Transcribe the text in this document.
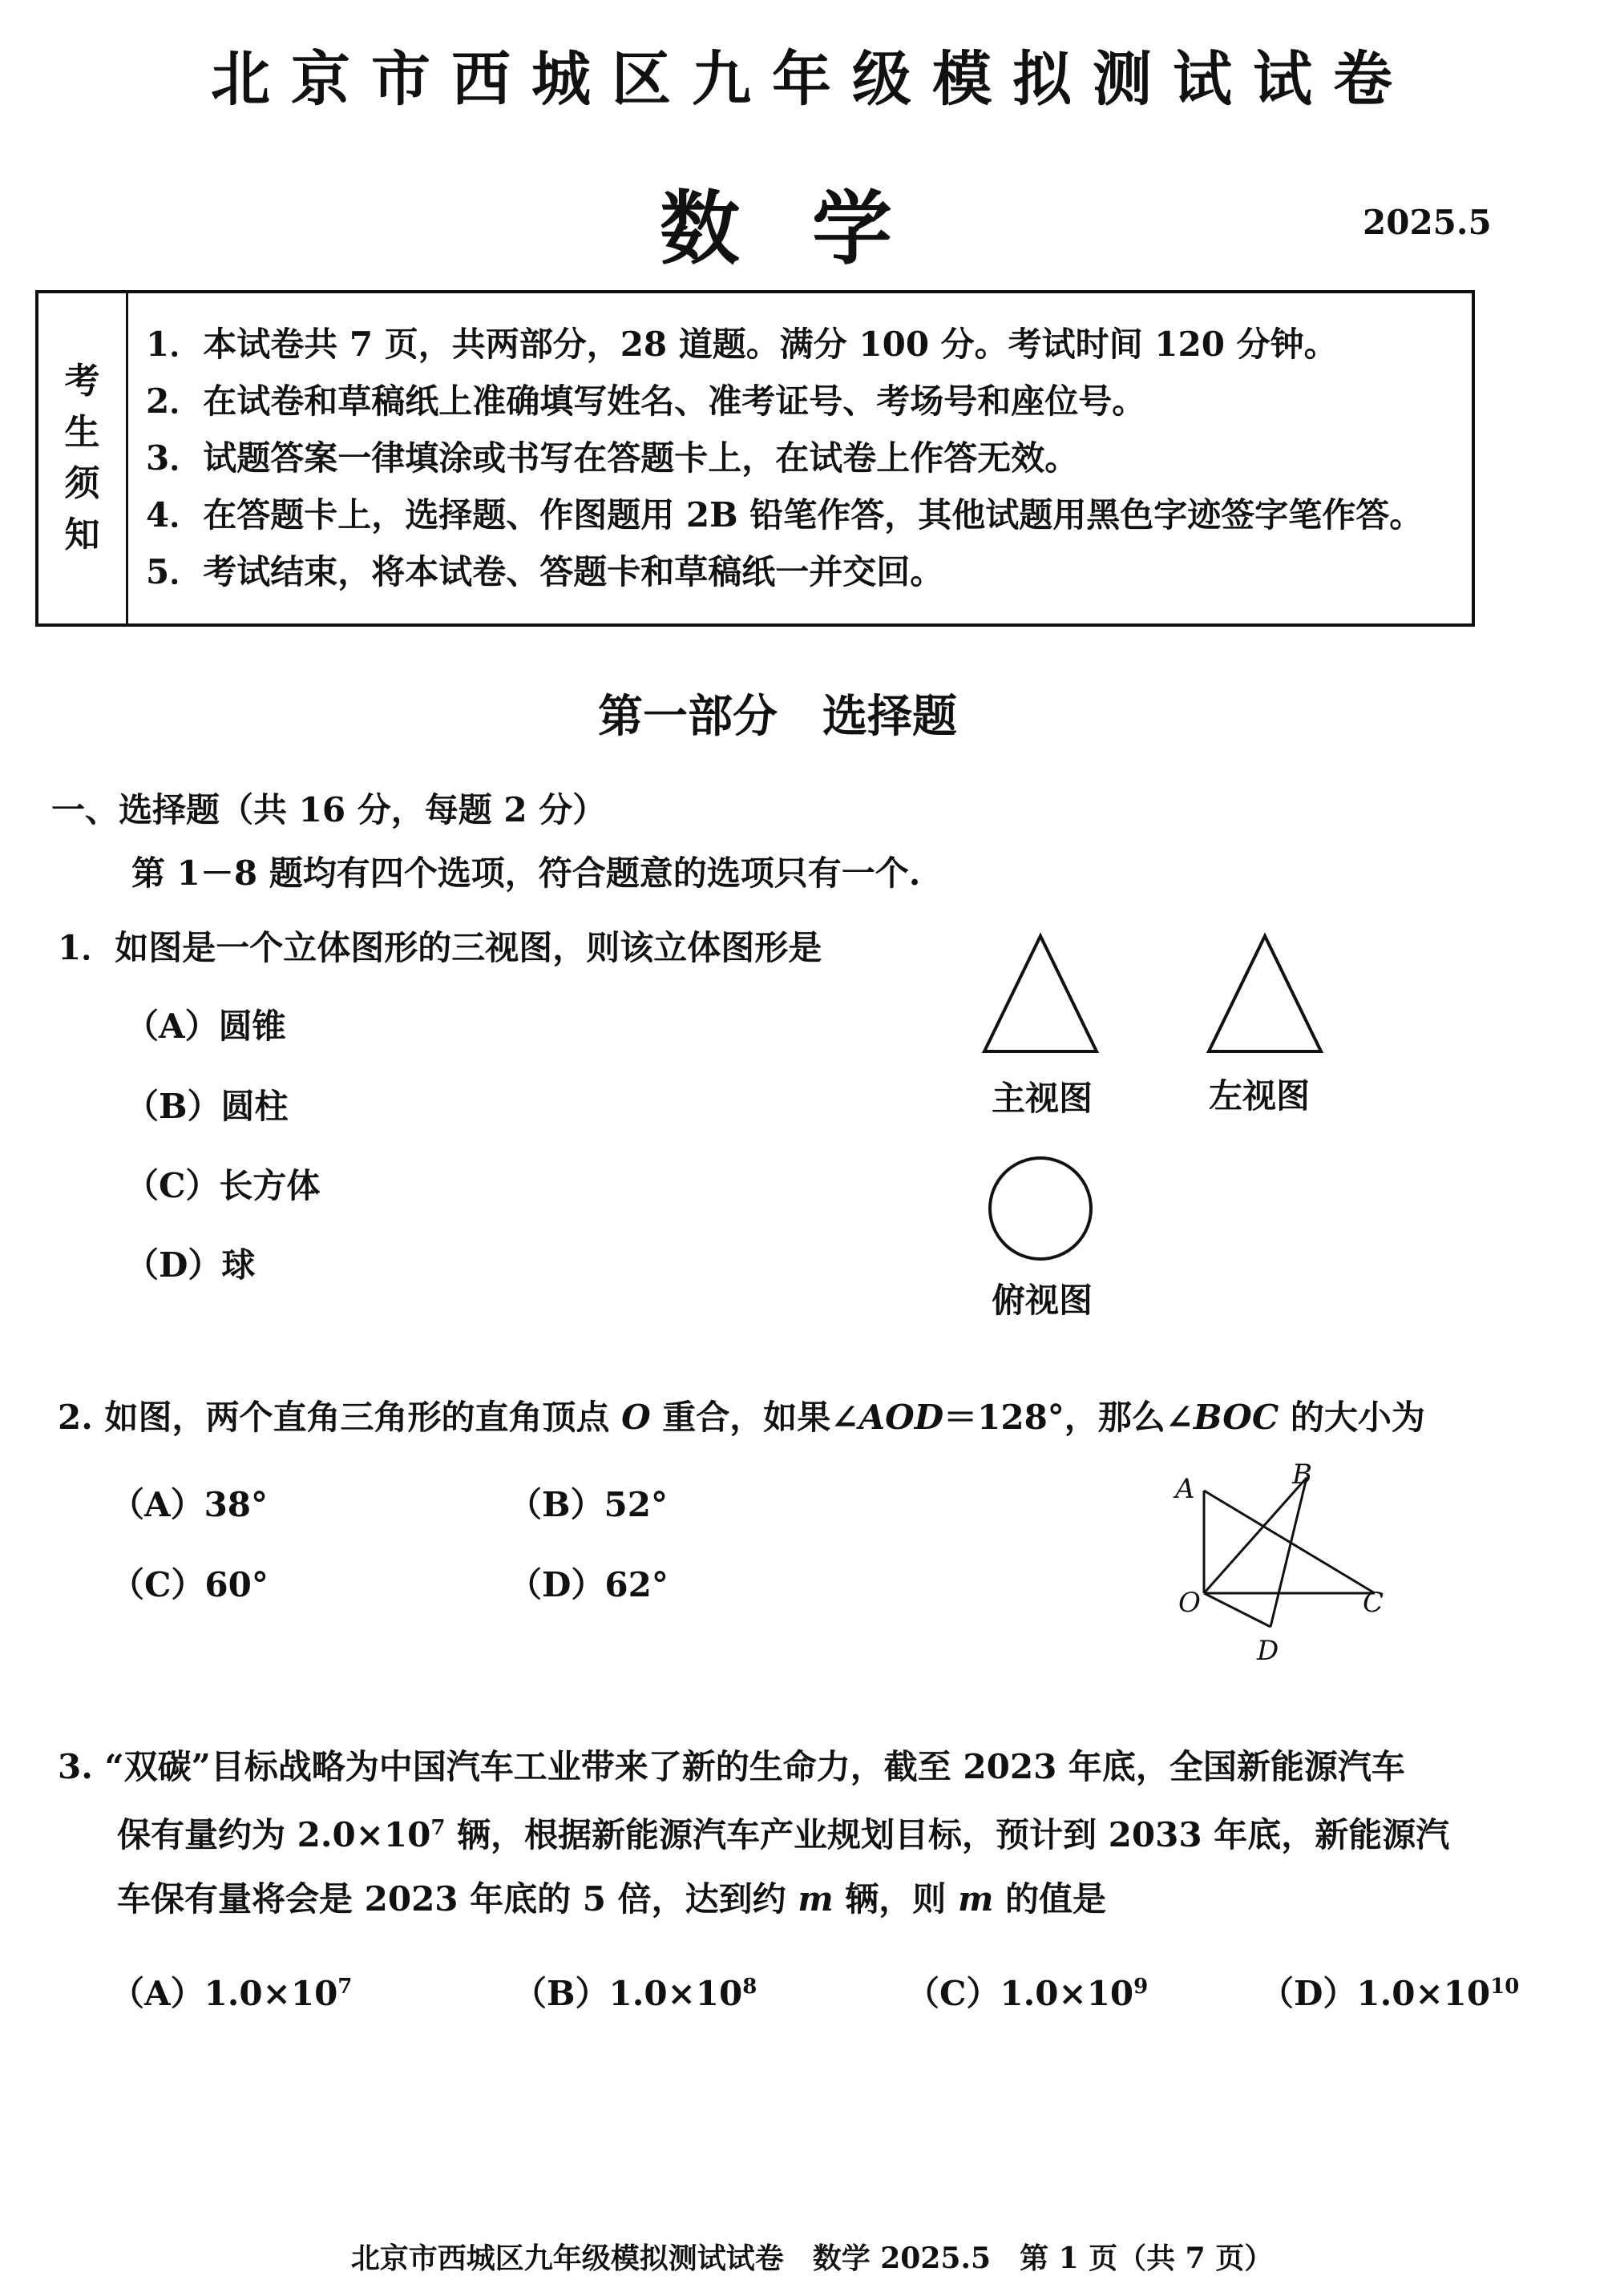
北京市西城区九年级模拟测试试卷
数学	2025.5
考
生
须
知
1．本试卷共 7 页，共两部分，28 道题。满分 100 分。考试时间 120 分钟。
2．在试卷和草稿纸上准确填写姓名、准考证号、考场号和座位号。
3．试题答案一律填涂或书写在答题卡上，在试卷上作答无效。
4．在答题卡上，选择题、作图题用 2B 铅笔作答，其他试题用黑色字迹签字笔作答。
5．考试结束，将本试卷、答题卡和草稿纸一并交回。
第一部分　选择题
一、选择题（共 16 分，每题 2 分）
第 1－8 题均有四个选项，符合题意的选项只有一个.
1．如图是一个立体图形的三视图，则该立体图形是
（A）圆锥
（B）圆柱
（C）长方体
（D）球
主视图	左视图
俯视图
2. 如图，两个直角三角形的直角顶点 O 重合，如果∠AOD＝128°，那么∠BOC 的大小为
（A）38°	（B）52°
（C）60°	（D）62°
A	B
C
O
D
3. “双碳”目标战略为中国汽车工业带来了新的生命力，截至 2023 年底，全国新能源汽车
保有量约为 $2.0\times 10^7$ 辆，根据新能源汽车产业规划目标，预计到 2033 年底，新能源汽
车保有量将会是 2023 年底的 5 倍，达到约 m 辆，则 m 的值是
$(A)1.0\times 10^7$	$(B)1.0\times 10^8$	$(C)1.0\times 10^9$	$(D)1.0\times 10^{10}$
北京市西城区九年级模拟测试试卷　数学 2025.5　第 1 页（共 7 页）
